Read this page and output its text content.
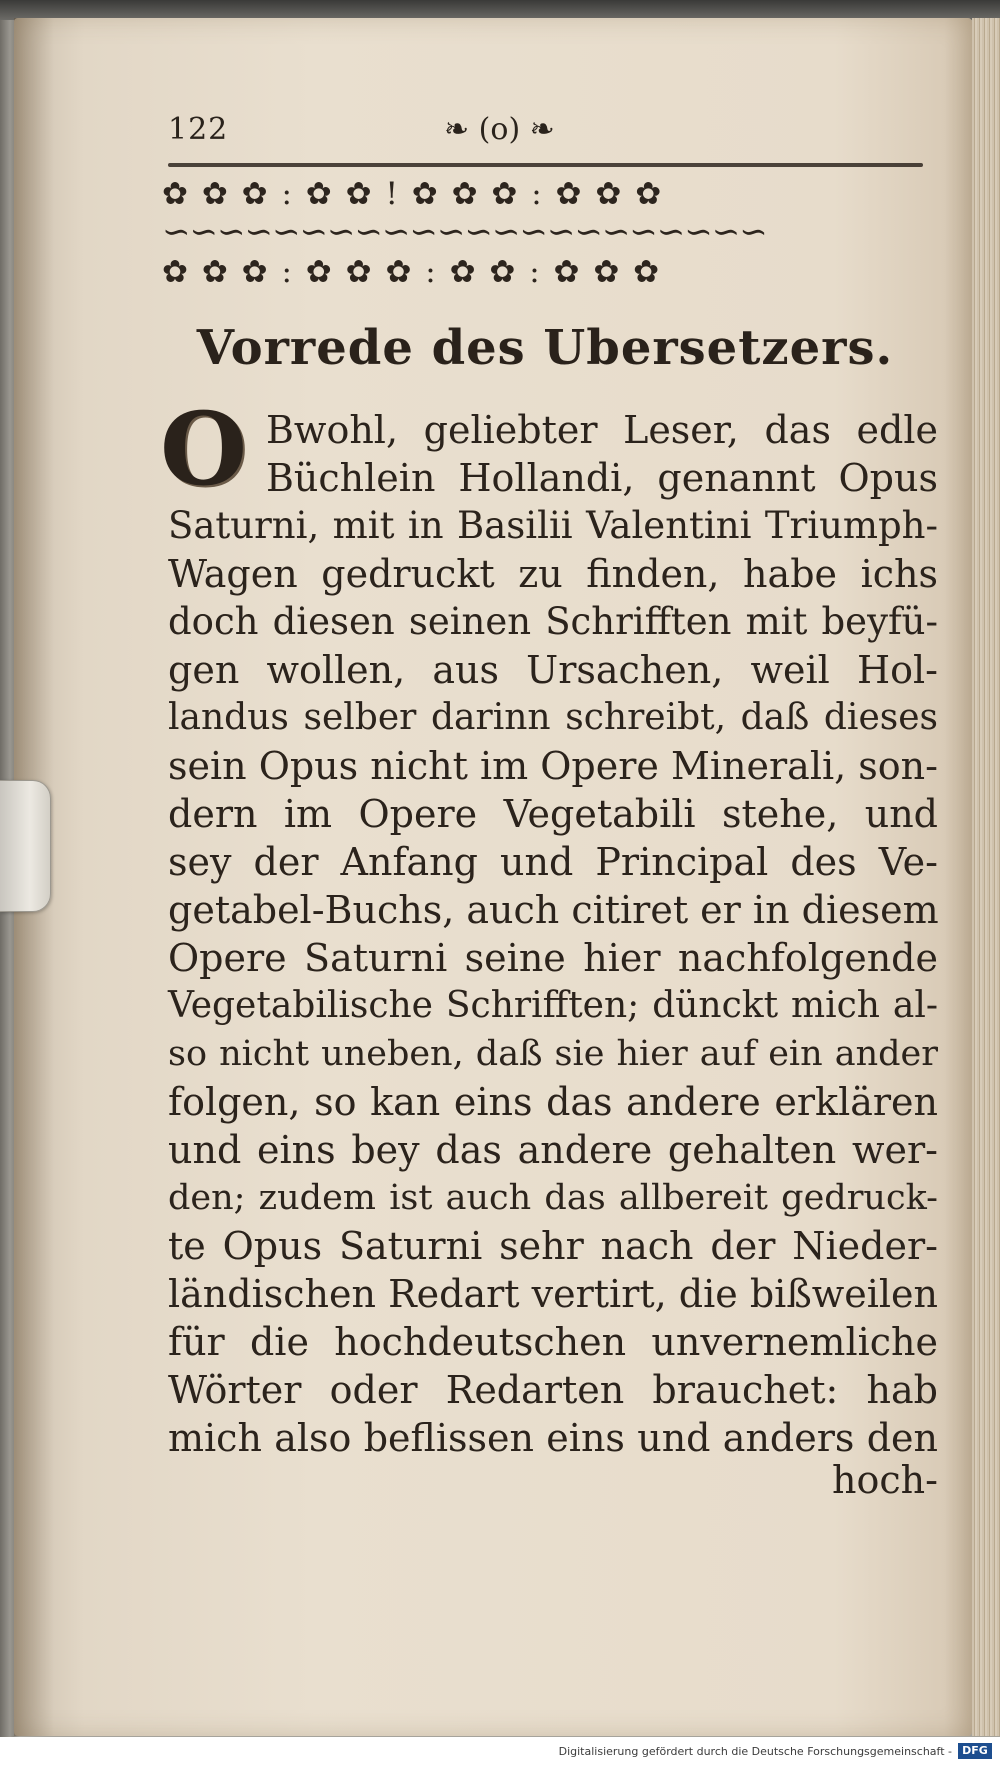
122	❧ (o) ❧
✿ ✿ ✿ : ✿ ✿ ! ✿ ✿ ✿ : ✿ ✿ ✿
∽∽∽∽∽∽∽∽∽∽∽∽∽∽∽∽∽∽∽∽∽∽
✿ ✿ ✿ : ✿ ✿ ✿ : ✿ ✿ : ✿ ✿ ✿
Vorrede des Ubersetzers.
O Bwohl, geliebter Leser, das edle
Büchlein Hollandi, genannt Opus
Saturni, mit in Basilii Valentini Triumph-
Wagen gedruckt zu finden, habe ichs
doch diesen seinen Schrifften mit beyfü-
gen wollen, aus Ursachen, weil Hol-
landus selber darinn schreibt, daß dieses
sein Opus nicht im Opere Minerali, son-
dern im Opere Vegetabili stehe, und
sey der Anfang und Principal des Ve-
getabel-Buchs, auch citiret er in diesem
Opere Saturni seine hier nachfolgende
Vegetabilische Schrifften; dünckt mich al-
so nicht uneben, daß sie hier auf ein ander
folgen, so kan eins das andere erklären
und eins bey das andere gehalten wer-
den; zudem ist auch das allbereit gedruck-
te Opus Saturni sehr nach der Nieder-
ländischen Redart vertirt, die bißweilen
für die hochdeutschen unvernemliche
Wörter oder Redarten brauchet: hab
mich also beflissen eins und anders den
hoch-
Digitalisierung gefördert durch die Deutsche Forschungsgemeinschaft - DFG
